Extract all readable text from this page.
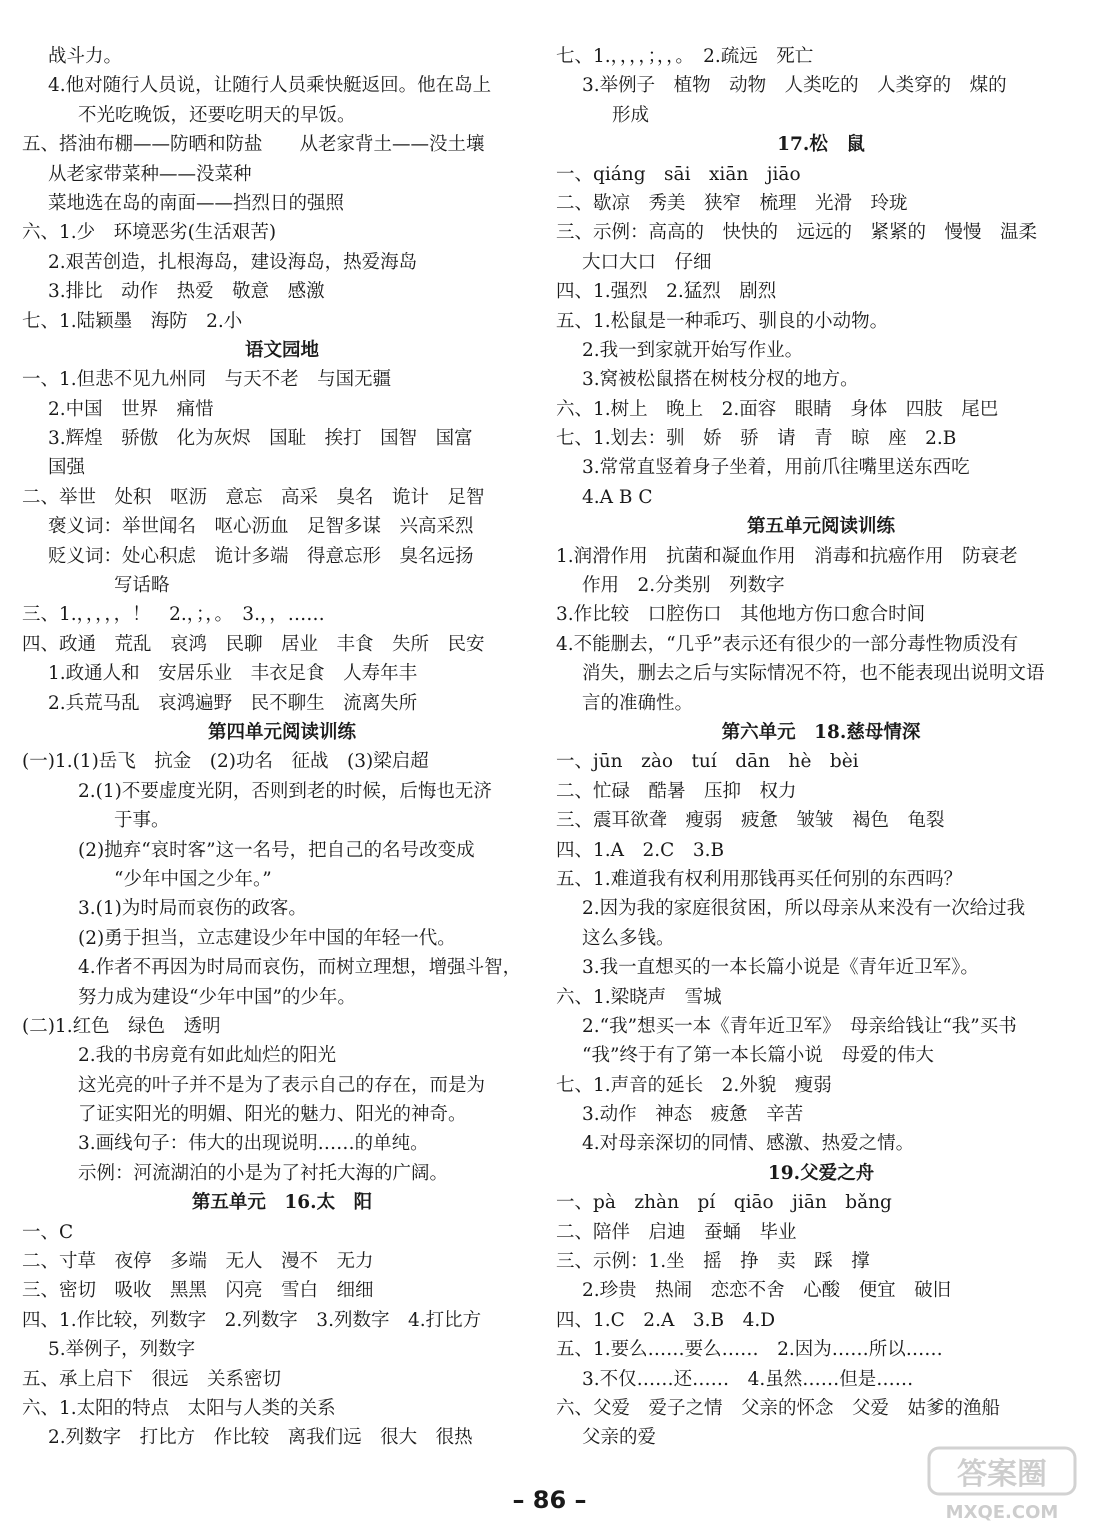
战斗力。
4.他对随行人员说，让随行人员乘快艇返回。他在岛上
不光吃晚饭，还要吃明天的早饭。
五、搭油布棚——防晒和防盐　　从老家背土——没土壤
从老家带菜种——没菜种
菜地选在岛的南面——挡烈日的强照
六、1.少　环境恶劣(生活艰苦)
2.艰苦创造，扎根海岛，建设海岛，热爱海岛
3.排比　动作　热爱　敬意　感激
七、1.陆颖墨　海防　2.小
语文园地
一、1.但悲不见九州同　与天不老　与国无疆
2.中国　世界　痛惜
3.辉煌　骄傲　化为灰烬　国耻　挨打　国智　国富
国强
二、举世　处积　呕沥　意忘　高采　臭名　诡计　足智
褒义词：举世闻名　呕心沥血　足智多谋　兴高采烈
贬义词：处心积虑　诡计多端　得意忘形　臭名远扬
写话略
三、1.，，，，，！　2.，；，。　3.，，……
四、政通　荒乱　哀鸿　民聊　居业　丰食　失所　民安
1.政通人和　安居乐业　丰衣足食　人寿年丰
2.兵荒马乱　哀鸿遍野　民不聊生　流离失所
第四单元阅读训练
(一)1.(1)岳飞　抗金　(2)功名　征战　(3)梁启超
2.(1)不要虚度光阴，否则到老的时候，后悔也无济
于事。
(2)抛弃“哀时客”这一名号，把自己的名号改变成
“少年中国之少年。”
3.(1)为时局而哀伤的政客。
(2)勇于担当，立志建设少年中国的年轻一代。
4.作者不再因为时局而哀伤，而树立理想，增强斗智，
努力成为建设“少年中国”的少年。
(二)1.红色　绿色　透明
2.我的书房竟有如此灿烂的阳光
这光亮的叶子并不是为了表示自己的存在，而是为
了证实阳光的明媚、阳光的魅力、阳光的神奇。
3.画线句子：伟大的出现说明……的单纯。
示例：河流湖泊的小是为了衬托大海的广阔。
第五单元　16.太　阳
一、C
二、寸草　夜停　多端　无人　漫不　无力
三、密切　吸收　黑黑　闪亮　雪白　细细
四、1.作比较，列数字　2.列数字　3.列数字　4.打比方
5.举例子，列数字
五、承上启下　很远　关系密切
六、1.太阳的特点　太阳与人类的关系
2.列数字　打比方　作比较　离我们远　很大　很热
七、1.，，，，；，，。　2.疏远　死亡
3.举例子　植物　动物　人类吃的　人类穿的　煤的
形成
17.松　鼠
一、qiáng　sāi　xiān　jiāo
二、歇凉　秀美　狭窄　梳理　光滑　玲珑
三、示例：高高的　快快的　远远的　紧紧的　慢慢　温柔
大口大口　仔细
四、1.强烈　2.猛烈　剧烈
五、1.松鼠是一种乖巧、驯良的小动物。
2.我一到家就开始写作业。
3.窝被松鼠搭在树枝分杈的地方。
六、1.树上　晚上　2.面容　眼睛　身体　四肢　尾巴
七、1.划去：驯　娇　骄　请　青　晾　座　2.B
3.常常直竖着身子坐着，用前爪往嘴里送东西吃
4.A B C
第五单元阅读训练
1.润滑作用　抗菌和凝血作用　消毒和抗癌作用　防衰老
作用　2.分类别　列数字
3.作比较　口腔伤口　其他地方伤口愈合时间
4.不能删去，“几乎”表示还有很少的一部分毒性物质没有
消失，删去之后与实际情况不符，也不能表现出说明文语
言的准确性。
第六单元　18.慈母情深
一、jūn　zào　tuí　dān　hè　bèi
二、忙碌　酷暑　压抑　权力
三、震耳欲聋　瘦弱　疲惫　皱皱　褐色　龟裂
四、1.A　2.C　3.B
五、1.难道我有权利用那钱再买任何别的东西吗？
2.因为我的家庭很贫困，所以母亲从来没有一次给过我
这么多钱。
3.我一直想买的一本长篇小说是《青年近卫军》。
六、1.梁晓声　雪城
2.“我”想买一本《青年近卫军》　母亲给钱让“我”买书
“我”终于有了第一本长篇小说　母爱的伟大
七、1.声音的延长　2.外貌　瘦弱
3.动作　神态　疲惫　辛苦
4.对母亲深切的同情、感激、热爱之情。
19.父爱之舟
一、pà　zhàn　pí　qiāo　jiān　bǎng
二、陪伴　启迪　蚕蛹　毕业
三、示例：1.坐　摇　挣　卖　踩　撑
2.珍贵　热闹　恋恋不舍　心酸　便宜　破旧
四、1.C　2.A　3.B　4.D
五、1.要么……要么……　2.因为……所以……
3.不仅……还……　4.虽然……但是……
六、父爱　爱子之情　父亲的怀念　父爱　姑爹的渔船
父亲的爱
– 86 –
答案圈
MXQE.COM
